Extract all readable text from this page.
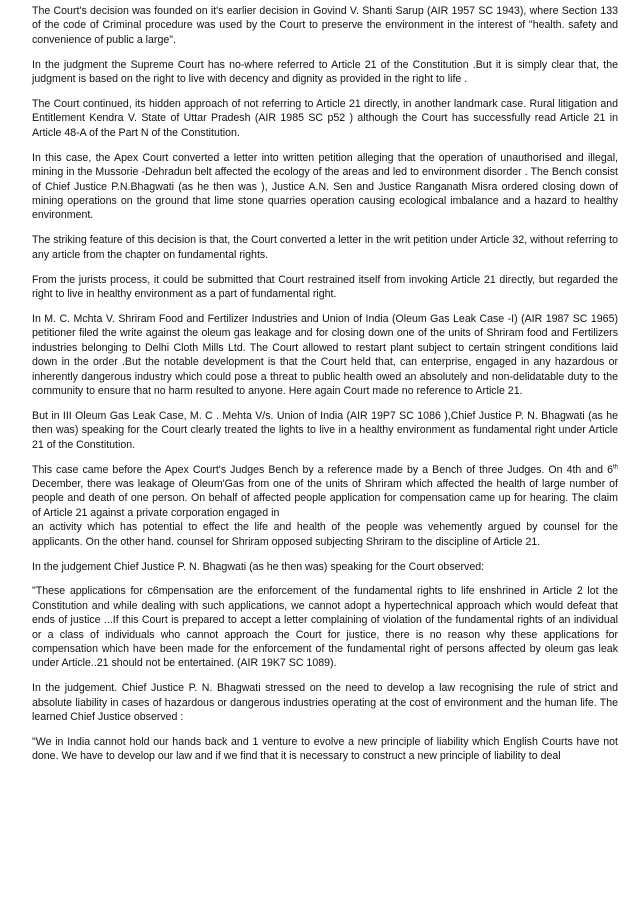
The Court's decision was founded on it's earlier decision in Govind V. Shanti Sarup (AIR 1957 SC 1943), where Section 133 of the code of Criminal procedure was used by the Court to preserve the environment in the interest of "health. safety and convenience of public a large".

In the judgment the Supreme Court has no-where referred to Article 21 of the Constitution .But it is simply clear that, the judgment is based on the right to live with decency and dignity as provided in the right to life .

The Court continued, its hidden approach of not referring to Article 21 directly, in another landmark case. Rural litigation and Entitlement Kendra V. State of Uttar Pradesh (AIR 1985 SC p52 ) although the Court has successfully read Article 21 in Article 48-A of the Part N of the Constitution.

In this case, the Apex Court converted a letter into written petition alleging that the operation of unauthorised and illegal, mining in the Mussorie -Dehradun belt affected the ecology of the areas and led to environment disorder . The Bench consist of Chief Justice P.N.Bhagwati (as he then was ), Justice A.N. Sen and Justice Ranganath Misra ordered closing down of mining operations on the ground that lime stone quarries operation causing ecological imbalance and a hazard to healthy environment.

The striking feature of this decision is that, the Court converted a letter in the writ petition under Article 32, without referring to any article from the chapter on fundamental rights.

From the jurists process, it could be submitted that Court restrained itself from invoking Article 21 directly, but regarded the right to live in healthy environment as a part of fundamental right.

In M. C. Mchta V. Shriram Food and Fertilizer Industries and Union of India (Oleum Gas Leak Case -I) (AIR 1987 SC 1965) petitioner filed the write against the oleum gas leakage and for closing down one of the units of Shriram food and Fertilizers industries belonging to Delhi Cloth Mills Ltd. The Court allowed to restart plant subject to certain stringent conditions laid down in the order .But the notable development is that the Court held that, can enterprise, engaged in any hazardous or inherently dangerous industry which could pose a threat to public health owed an absolutely and non-delidatable duty to the community to ensure that no harm resulted to anyone. Here again Court made no reference to Article 21.

But in III Oleum Gas Leak Case, M. C . Mehta V/s. Union of India (AIR 19P7 SC 1086 ),Chief Justice P. N. Bhagwati (as he then was) speaking for the Court clearly treated the lights to live in a healthy environment as fundamental right under Article 21 of the Constitution.

This case came before the Apex Court's Judges Bench by a reference made by a Bench of three Judges. On 4th and 6th December, there was leakage of Oleum'Gas from one of the units of Shriram which affected the health of large number of people and death of one person. On behalf of affected people application for compensation came up for hearing. The claim of Article 21 against a private corporation engaged in
an activity which has potential to effect the life and health of the people was vehemently argued by counsel for the applicants. On the other hand. counsel for Shriram opposed subjecting Shriram to the discipline of Article 21.

In the judgement Chief Justice P. N. Bhagwati (as he then was) speaking for the Court observed:

"These applications for c6mpensation are the enforcement of the fundamental rights to life enshrined in Article 2 lot the Constitution and while dealing with such applications, we cannot adopt a hypertechnical approach which would defeat that ends of justice ...If this Court is prepared to accept a letter complaining of violation of the fundamental rights of an individual or a class of individuals who cannot approach the Court for justice, there is no reason why these applications for compensation which have been made for the enforcement of the fundamental right of persons affected by oleum gas leak under Article..21 should not be entertained. (AIR 19K7 SC 1089).

In the judgement. Chief Justice P. N. Bhagwati stressed on the need to develop a law recognising the rule of strict and absolute liability in cases of hazardous or dangerous industries operating at the cost of environment and the human life. The learned Chief Justice observed :

"We in India cannot hold our hands back and 1 venture to evolve a new principle of liability which English Courts have not done. We have to develop our law and if we find that it is necessary to construct a new principle of liability to deal
